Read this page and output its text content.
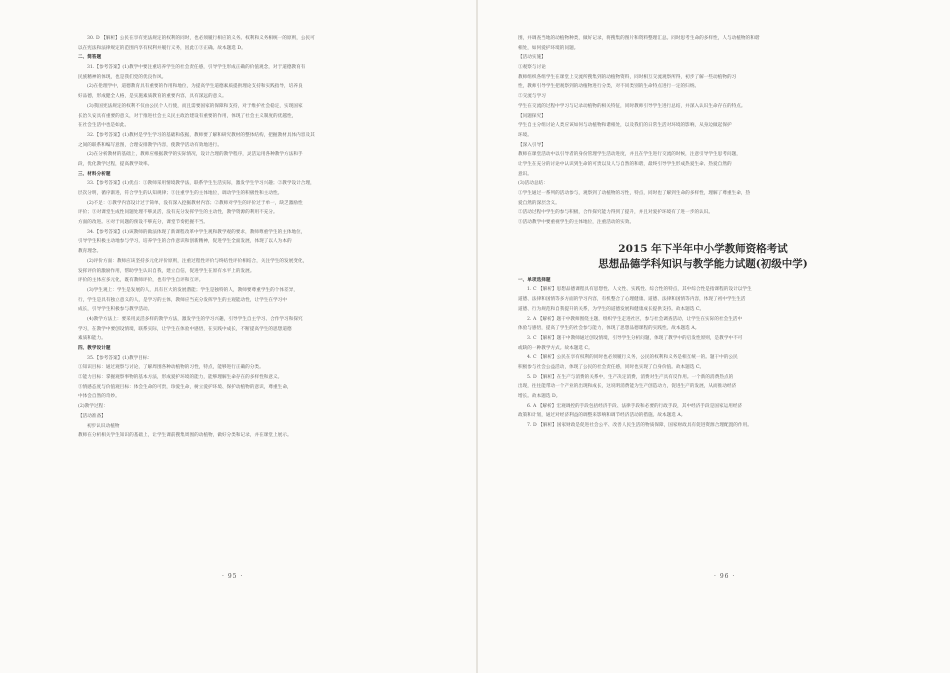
30. D 【解析】公民在享有宪法规定的权利的同时，也必须履行相应的义务。权利和义务相统一的原则，公民可
以在宪法和法律规定的范围内享有权利并履行义务，因此①③正确。故本题选 D。
二、简答题
31.【参考答案】(1)教学中要注重培养学生的社会责任感，引导学生形成正确的价值观念，对于道德教育有
民族精神的体现，也是我们党的优良作风。
(2)在伦理学中，道德教育具有重要的作用和地位，为提高学生道德素质提供理论支持和实践指导，培养良
好品德，形成健全人格，是实施素质教育的重要内容，具有深远的意义。
(3)我国宪法规定的权利不仅由公民个人行使，而且需要国家的保障和支持，对于维护社会稳定，实现国家
长治久安具有重要的意义，对于推进社会主义民主政治建设有重要的作用，体现了社会主义制度的优越性，
在社会生活中也是如此。
32.【参考答案】(1)教材是学生学习的基础和依据，教师要了解和研究教材的整体结构，把握教材具体内容及其
之间的联系和编写意图，合理安排教学内容，使教学活动有效地进行。
(2)在分析教材的基础上，教师应根据教学的实际情况，设计合理的教学程序，灵活运用各种教学方法和手
段，优化教学过程，提高教学效率。
三、材料分析题
33.【参考答案】(1)优点：①教师采用情境教学法，联系学生生活实际，激发学生学习兴趣；②教学设计合理，
层次分明，循序渐进，符合学生的认知规律；③注重学生的主体地位，调动学生的积极性和主动性。
(2)不足：①教学内容设计过于简单，没有深入挖掘教材内容；②教师对学生的评价过于单一，缺乏激励性
评价；③对课堂生成性问题处理不够灵活，没有充分发挥学生的主动性，教学资源的利用不充分。
方面的改进。④对于问题的预设不够充分，课堂节奏把握不当。
34.【参考答案】(1)该教师的做法体现了新课程改革中学生观和教学观的要求，教师尊重学生的主体地位，
引导学生积极主动地参与学习，培养学生的合作意识和创新精神，促进学生全面发展，体现了以人为本的
教育理念。
(2)评价方面：教师应该坚持多元化评价原则，注重过程性评价与终结性评价相结合，关注学生的发展变化，
发挥评价的激励作用，帮助学生认识自我，建立自信，促进学生在原有水平上的发展。
评价的主体应多元化，既有教师评价，也有学生自评和互评。
(3)学生观上：学生是发展的人，具有巨大的发展潜能；学生是独特的人，教师要尊重学生的个体差异，
行，学生是具有独立意义的人，是学习的主体，教师应当充分发挥学生的主观能动性，让学生在学习中
成长，引导学生积极参与教学活动。
(4)教学方法上：要采用灵活多样的教学方法，激发学生的学习兴趣，引导学生自主学习、合作学习和探究
学习，在教学中要创设情境，联系实际，让学生在体验中感悟，在实践中成长，不断提高学生的思想道德
素质和能力。
四、教学设计题
35.【参考答案】(1)教学目标：
①知识目标：通过观察与讨论，了解周围各种动植物的习性，特点，能够进行正确的分类。
②能力目标：掌握观察事物的基本方法，形成爱护环境的能力，能够理解生命存在的多样性和意义。
③情感态度与价值观目标：体会生命的可贵，珍爱生命，树立爱护环境、保护动植物的意识，尊重生命，
中体会自然的奇妙。
(2)教学过程：
【活动准备】
初步认识动植物
教师在分析相关学生知识的基础上，让学生课前搜集周围的动植物，做好分类和记录，并在课堂上展示。
· 95 ·
围，并调查当地的动植物种类，做好记录，将搜集的图片和资料整理汇总。同时思考生命的多样性，人与动植物的和谐
相处，如何爱护环境的问题。
【活动实施】
①观察与讨论
教师组织各组学生在课堂上交流所搜集到的动植物资料，同时相互交流观察所得，初步了解一些动植物的习
性，教师引导学生把观察到的动植物进行分类，对不同类别的生命特点进行一定的归纳。
②交流与学习
学生在交流的过程中学习与记录动植物的相关特征，同时教师引导学生进行总结，并深入认识生命存在的特点。
【问题探究】
学生自主分组讨论人类应该如何与动植物和谐相处，以及我们的日常生活对环境的影响，从身边做起保护
环境。
【深入引导】
教师在课堂活动中以引导者的身份管理学生活动进度，并且在学生进行交流的时候，注意引导学生思考问题，
让学生在充分的讨论中认识到生命的可贵以及人与自然的和谐，最终引导学生形成热爱生命、热爱自然的
意识。
(3)活动总结：
①学生通过一系列的活动参与，观察到了动植物的习性，特点，同时也了解到生命的多样性，理解了尊重生命，热
爱自然的深层含义。
②活动过程中学生的参与积极，合作探究能力得到了提升，并且对爱护环境有了进一步的认识。
③活动教学中要重视学生的主体地位，注重活动的实效。

2015 年下半年中小学教师资格考试

思想品德学科知识与教学能力试题(初级中学)

一、单项选择题
1. C 【解析】思想品德课程具有思想性、人文性、实践性、综合性的特点，其中综合性是指课程的设计以学生
道德、法律和国情等多方面的学习内容，有机整合了心理健康、道德、法律和国情等内容，体现了初中学生生活
道德、行为规范和自我提升的关系，为学生的道德发展和健康成长提供支持。故本题选 C。
2. A 【解析】题干中教师围绕主题，组织学生走进社区，参与社会调查活动，让学生在实际的社会生活中
体验与感悟，提高了学生的社会参与能力，体现了思想品德课程的实践性。故本题选 A。
3. C 【解析】题干中教师通过创设情境，引导学生分析问题，体现了教学中的启发性原则，是教学中不可
或缺的一种教学方式。故本题选 C。
4. C 【解析】公民在享有权利的同时也必须履行义务，公民的权利和义务是相互统一的。题干中的公民
积极参与社会公益活动，体现了公民的社会责任感，同时也实现了自身价值。故本题选 C。
5. D 【解析】在生产与消费的关系中，生产决定消费，消费对生产具有反作用。一个新的消费热点的
出现，往往能带动一个产业的出现和成长，这说明消费能为生产创造动力，促进生产的发展，从而推动经济
增长。故本题选 D。
6. A 【解析】宏观调控的手段包括经济手段、法律手段和必要的行政手段，其中经济手段是国家运用经济
政策和计划，通过对经济利益的调整来影响和调节经济活动的措施。故本题选 A。
7. D 【解析】国家财政是促进社会公平、改善人民生活的物质保障，国家财政具有促进资源合理配置的作用。
· 96 ·
